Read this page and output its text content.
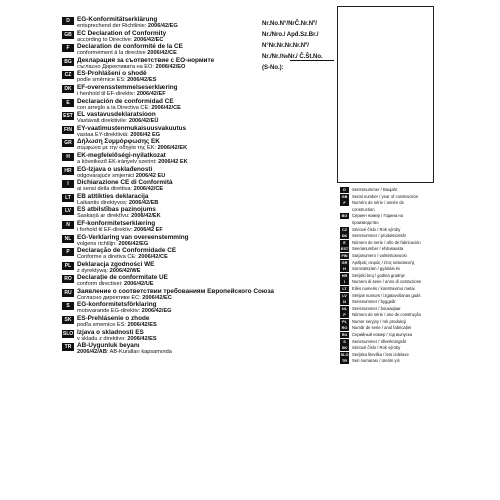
Nr.No.N°/NrČ.Nr.Nº/
Nr./Nro./ Apđ.Sz.Br./
N°Nr.Nr.Nr.Nr.Nº/
Nr./Nr./№Nr./ Č.Št.No.
(S-No.):
D	EG-Konformitätserklärung
entsprechend der Richtlinie: 2006/42/EG
GB EC Declaration of Conformity
according to Directive: 2006/42/EC
F	Declaration de conformité de la CE
conformément à la directive 2006/42/CE
BG Декларация за съответствие с ЕО-нормите
съгласно Директивата на ЕО: 2006/42/EO
CZ ES-Prohlášení o shodě
podle směrnice ES: 2006/42/ES
DK EF-overensstemmelseserklæring
i henhold til EF-direktiv: 2006/42/EF
E	Declaración de conformidad CE
con arreglo a la Directiva CE: 2006/42/CE
EST EL vastavusdeklaratsioon
Vastavalt direktiivile: 2006/42/EÜ
FIN EY-vaatimustenmukaisuusvakuutus
vastaa EY-direktiiviä: 2006/42 EG
GR Δήλωση Συμμόρφωσης ΕΚ
σύμφωνα με την οδηγία της ΕΚ: 2006/42/ΕΚ
H	EK-megfelelőségi-nyilatkozat
a következő EK-irányelv szerint: 2006/42 EK
HR EG-Izjava o usklađenosti
odgovarajuće smjernici 2006/42 EU
I	Dichiarazione CE di Conformità
ai sensi della direttiva: 2006/42/CE
LT EB atitikties deklaracija
Laikantis direktyvos: 2006/42/EB
LV ES atbilstības paziņojums
Saskaņā ar direktīvu: 2006/42/EK
N	EF-konformitetserklæring
i forhold til EF-direktiv: 2006/42 EF
NL EG-Verklaring van overeenstemming
volgens richtlijn: 2006/42/EG
P	Declaração de Conformidade CE
Conforme a diretiva CE: 2006/42/CE
PL Deklaracja zgodności WE
z dyrektywą: 2006/42/WE
RO Declarație de conformitate UE
conform directivei: 2006/42/UE
RU Заявление о соответствии требованиям Европейского Союза
Согласно директиве ЕС: 2006/42/EC
S	EG-konformitetsförklaring
motsvarande EG-direktiv: 2006/42/EG
SK ES-Prehlásenie o zhode
podľa smernice ES: 2006/42/ES
SLO Izjava o skladnosti ES
v skladu z direktivo: 2006/42/ES
TR AB-Uygunluk beyanı
2006/42/AB: AB-Kuralları kapsamında
D	Seriennummer / Baujahr
GB	Serial number / year of construction
F	Numéro de série / année de
construction
BG	Сериен номер / Година на
производство
CZ	Sériové číslo / Rok výroby
DK	Serienummer / produktionsår
E	Número de serie / año de fabricación
EST Seerianumber / ehitusaasta
FIN	Sarjanumero / valmistusvuosi
GR	Αριθμός σειράς / έτος κατασκευής
H	Sorozatszám / gyártási év
HR	Serijski broj / godina gradnje
I	Numero di serie / anno di costruzione
LT	Eilės numeris / konstravimo metai
LV	Sērijas numurs / izgatavošanas gads
N	Serienummer / byggeår
NL	Serienummer / bouwwjaar
P	Número de série / ano de construção
PL	Numer seryjny / rok produkcji
RO	Număr de serie / anul fabricației
RU	Серийный номер / год выпуска
S	Serienummer / tillverkningsår
SK	Sériové číslo / Rok výroby
SLO Serijska številka / leto izdelave
TR	Seri numarası / üretim yılı
